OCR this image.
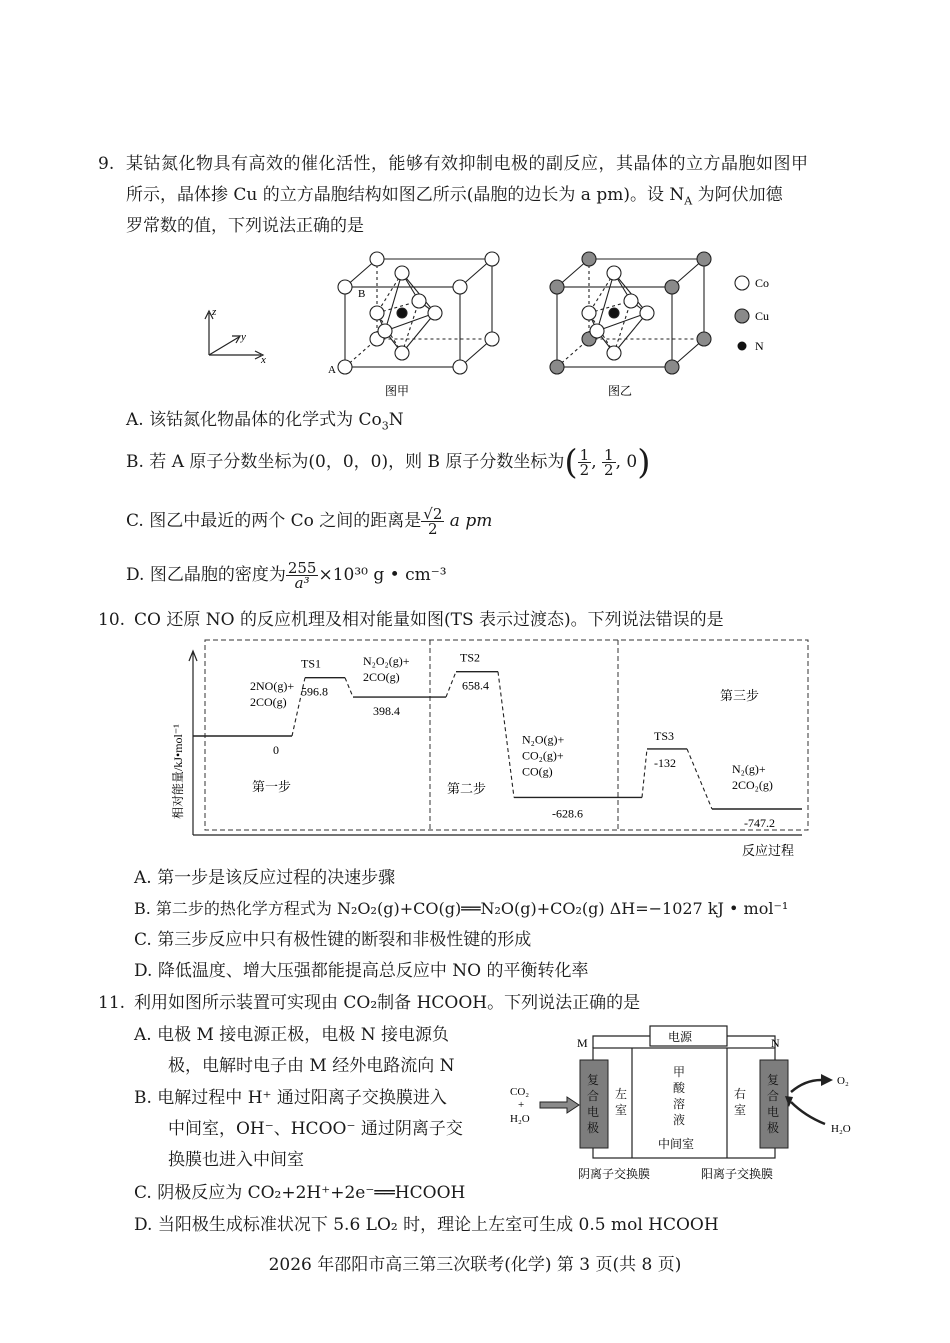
9. 某钴氮化物具有高效的催化活性，能够有效抑制电极的副反应，其晶体的立方晶胞如图甲
所示，晶体掺 Cu 的立方晶胞结构如图乙所示(晶胞的边长为 a pm)。设 $N_A$ 为阿伏加德
罗常数的值，下列说法正确的是
z
y
x
B
A
图甲	图乙
Co
Cu
N
A. 该钴氮化物晶体的化学式为 $Co_3N$
B. 若 A 原子分数坐标为(0，0，0)，则 B 原子分数坐标为( $\frac{1}{2}$ , $\frac{1}{2}$ , 0)
C. 图乙中最近的两个 Co 之间的距离是 $\frac{√2}{2}$ a pm
D. 图乙晶胞的密度为 $\frac{255}{\text{a³}} \times 10^{30}$ g • cm⁻³
10. CO 还原 NO 的反应机理及相对能量如图(TS 表示过渡态)。下列说法错误的是
相对能量/kJ•mol⁻¹
反应过程
第一步	第二步
第三步
2NO(g)+
2CO(g)
0
TS1
596.8
N₂O₂(g)+
2CO(g)
398.4
TS2
658.4
N₂O(g)+
CO₂(g)+
CO(g)
-628.6
TS3
-132	N₂(g)+
2CO₂(g)
-747.2
A. 第一步是该反应过程的决速步骤
B. 第二步的热化学方程式为 N₂O₂(g)+CO(g)══N₂O(g)+CO₂(g) ΔH=−1027 kJ • mol⁻¹
C. 第三步反应中只有极性键的断裂和非极性键的形成
D. 降低温度、增大压强都能提高总反应中 NO 的平衡转化率
11. 利用如图所示装置可实现由 CO₂制备 HCOOH。下列说法正确的是
A. 电极 M 接电源正极，电极 N 接电源负
极，电解时电子由 M 经外电路流向 N
B. 电解过程中 H⁺ 通过阳离子交换膜进入
中间室，OH⁻、HCOO⁻ 通过阴离子交
换膜也进入中间室
C. 阴极反应为 CO₂+2H⁺+2e⁻══HCOOH
D. 当阳极生成标准状况下 5.6 LO₂ 时，理论上左室可生成 0.5 mol HCOOH
电源
M	N
复
合
电
极
复
合
电
极
左
室
右
室
甲
酸
溶
液
中间室
阴离子交换膜	阳离子交换膜
CO₂
+
H₂O
O₂
H₂O
2026 年邵阳市高三第三次联考(化学) 第 3 页(共 8 页)
